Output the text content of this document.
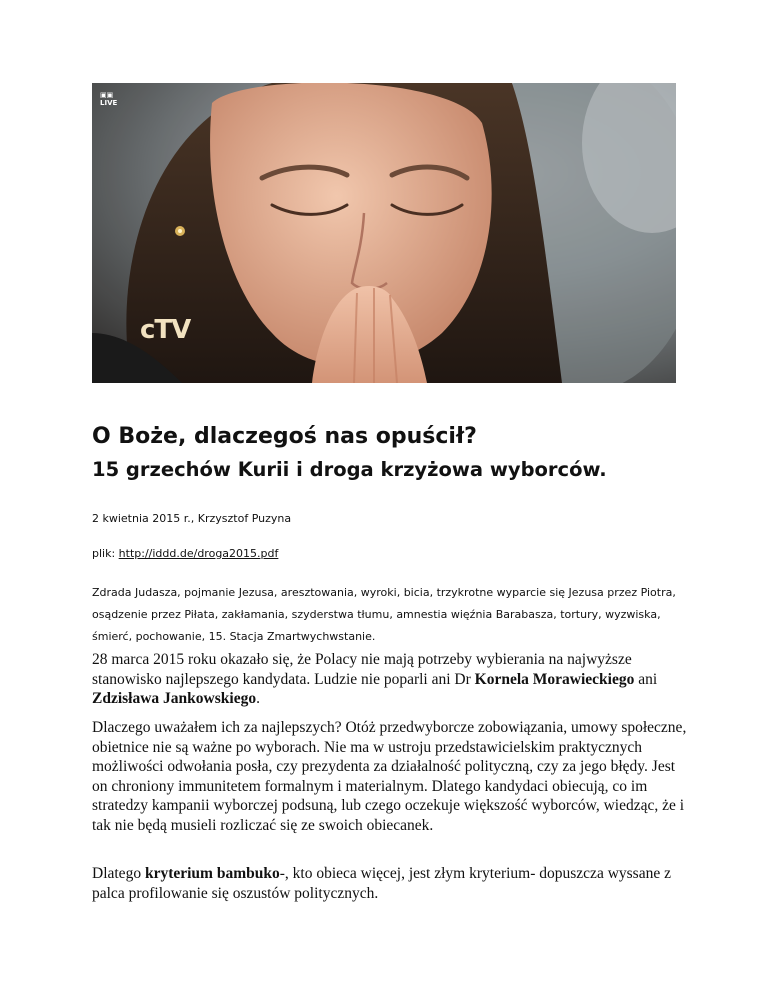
▣▣
LIVE
cTV
O Boże, dlaczegoś nas opuścił?
15 grzechów Kurii i droga krzyżowa wyborców.

2 kwietnia 2015 r., Krzysztof Puzyna

plik: http://iddd.de/droga2015.pdf

Zdrada Judasza, pojmanie Jezusa, aresztowania, wyroki, bicia, trzykrotne wyparcie się Jezusa przez Piotra, osądzenie przez Piłata, zakłamania, szyderstwa tłumu, amnestia więźnia Barabasza, tortury, wyzwiska, śmierć, pochowanie, 15. Stacja Zmartwychwstanie.

28 marca 2015 roku okazało się, że Polacy nie mają potrzeby wybierania na najwyższe stanowisko najlepszego kandydata. Ludzie nie poparli ani Dr Kornela Morawieckiego ani Zdzisława Jankowskiego.

Dlaczego uważałem ich za najlepszych? Otóż przedwyborcze zobowiązania, umowy społeczne, obietnice nie są ważne po wyborach. Nie ma w ustroju przedstawicielskim praktycznych możliwości odwołania posła, czy prezydenta za działalność polityczną, czy za jego błędy. Jest on chroniony immunitetem formalnym i materialnym. Dlatego kandydaci obiecują, co im stratedzy kampanii wyborczej podsuną, lub czego oczekuje większość wyborców, wiedząc, że i tak nie będą musieli rozliczać się ze swoich obiecanek.

Dlatego kryterium bambuko-, kto obieca więcej, jest złym kryterium- dopuszcza wyssane z palca profilowanie się oszustów politycznych.
